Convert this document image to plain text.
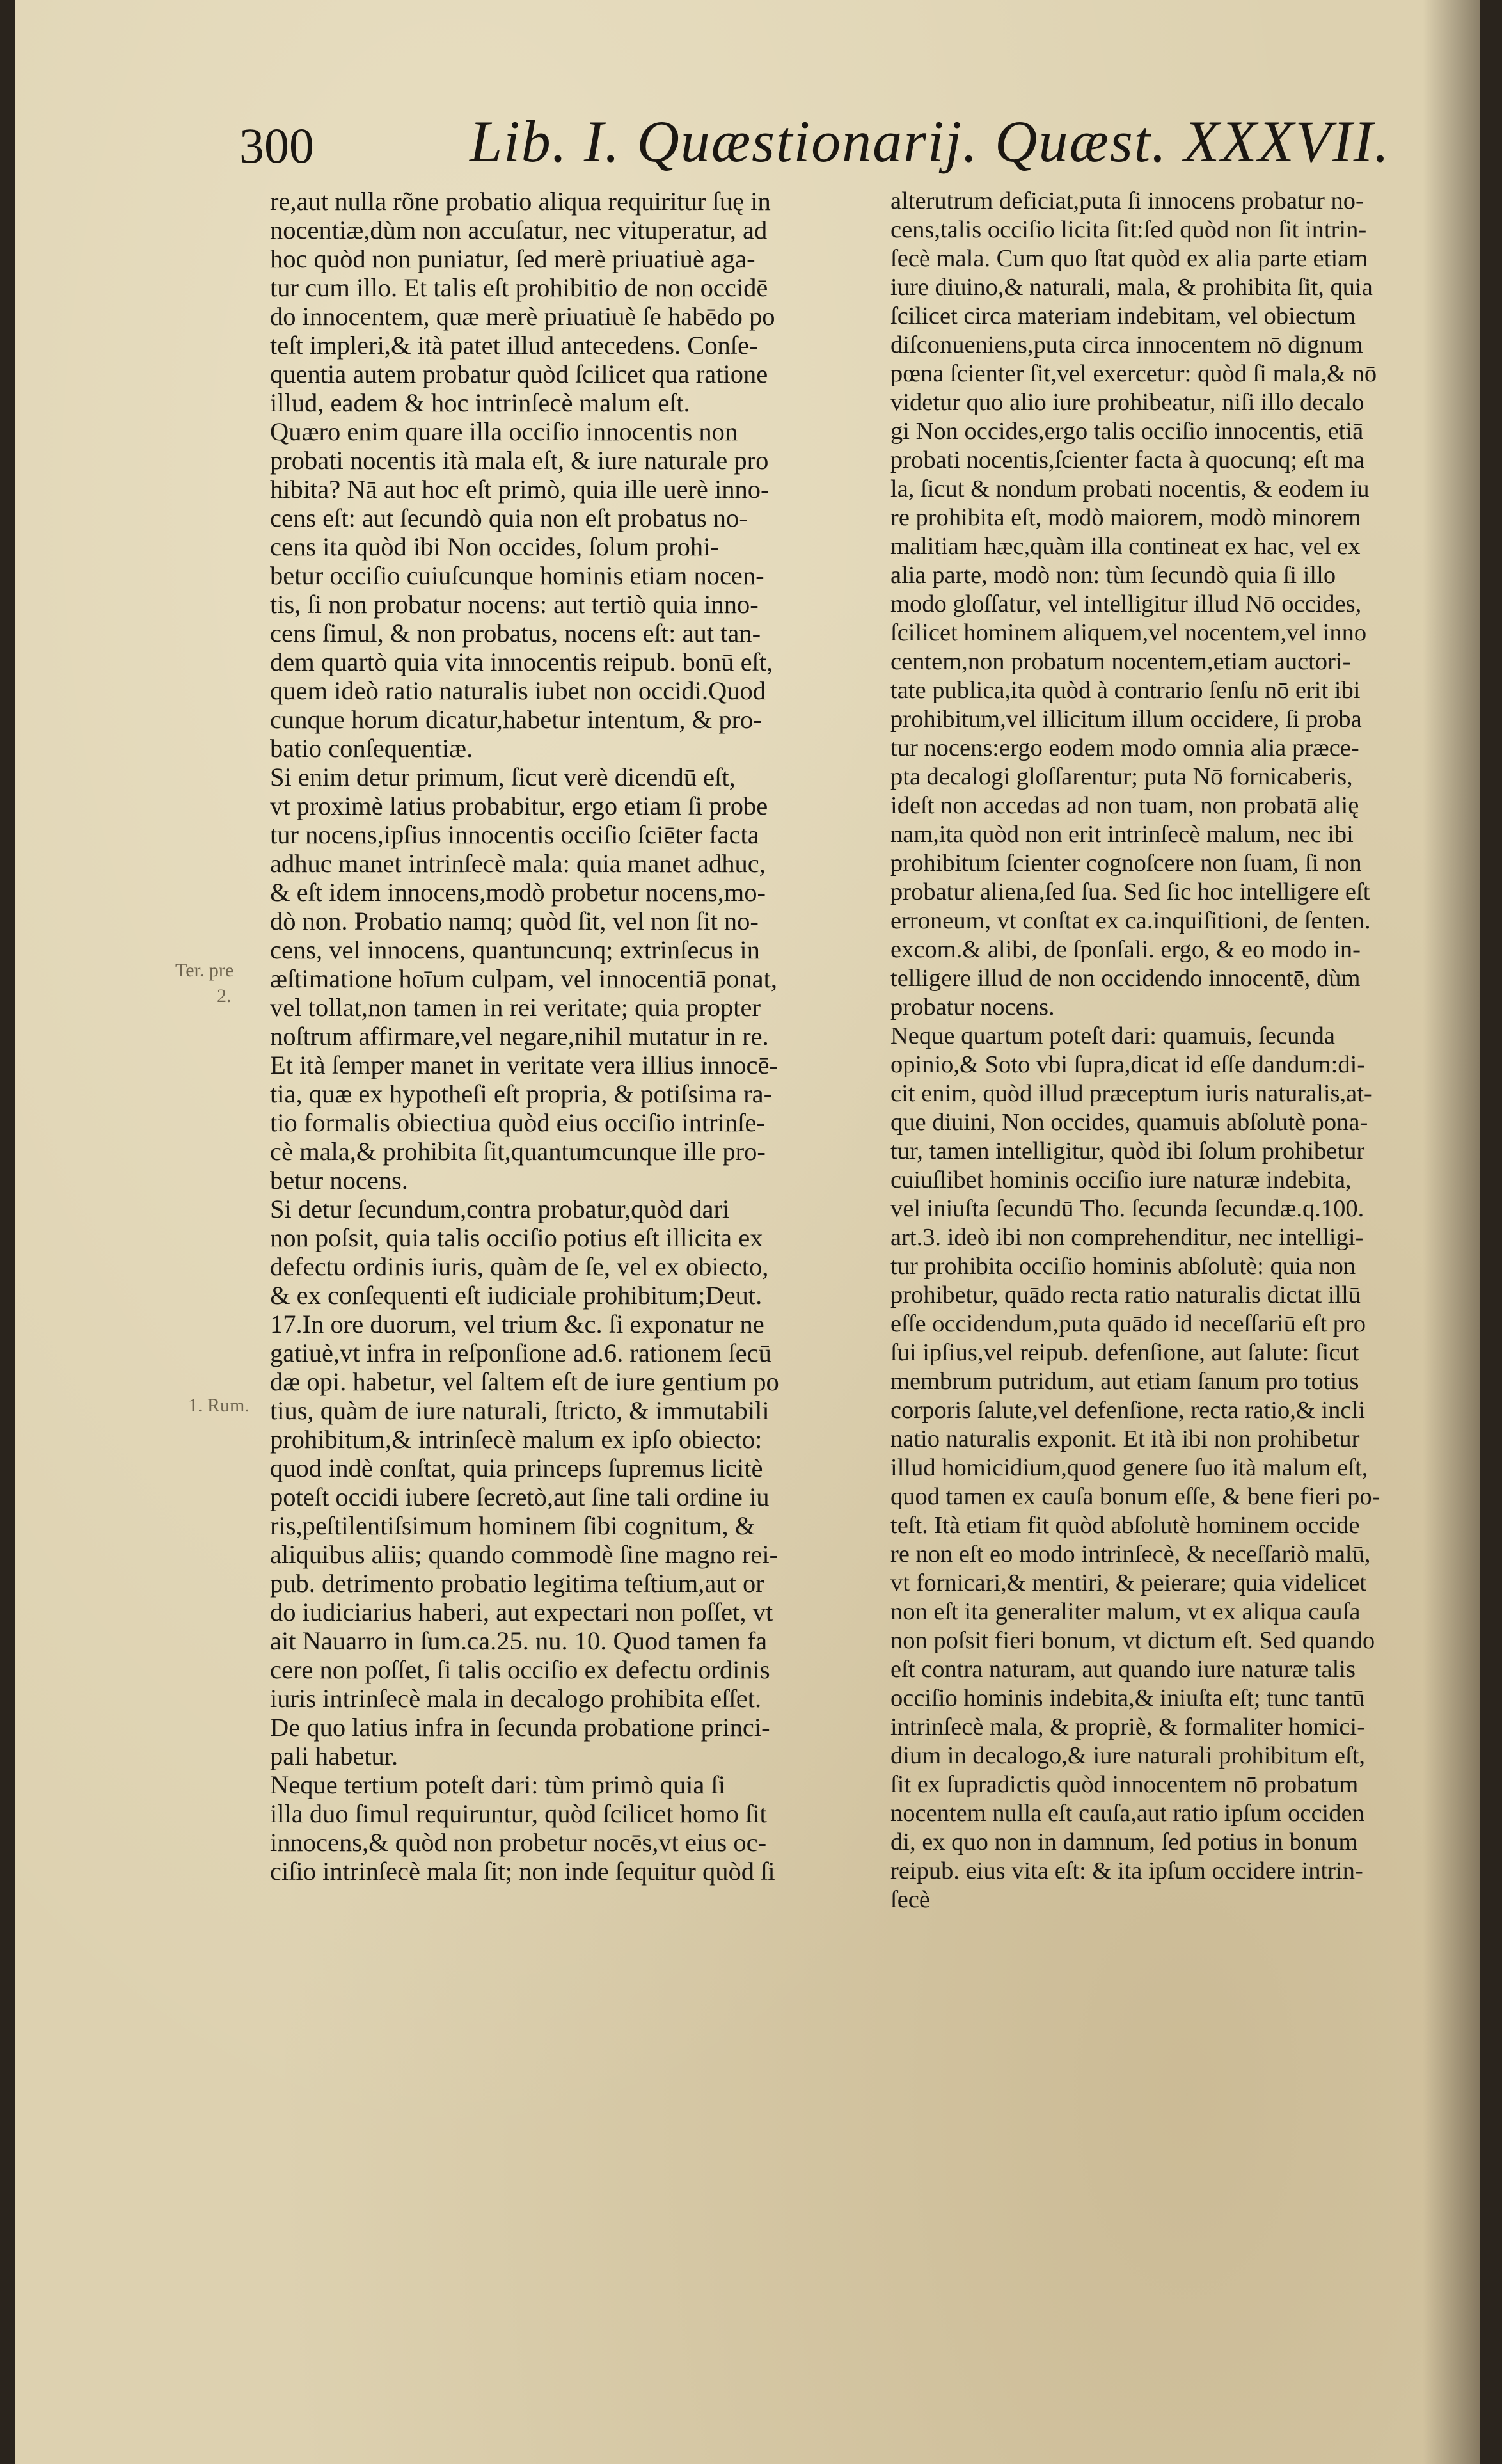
300	Lib. I. Quæstionarij. Quæst. XXXVII.
re,aut nulla rõne probatio aliqua requiritur ſuę in
nocentiæ,dùm non accuſatur, nec vituperatur, ad
hoc quòd non puniatur, ſed merè priuatiuè aga-
tur cum illo. Et talis eſt prohibitio de non occidē
do innocentem, quæ merè priuatiuè ſe habēdo po
teſt impleri,& ità patet illud antecedens. Conſe-
quentia autem probatur quòd ſcilicet qua ratione
illud, eadem & hoc intrinſecè malum eſt.
Quæro enim quare illa occiſio innocentis non
probati nocentis ità mala eſt, & iure naturale pro
hibita? Nā aut hoc eſt primò, quia ille uerè inno-
cens eſt: aut ſecundò quia non eſt probatus no-
cens ita quòd ibi Non occides, ſolum prohi-
betur occiſio cuiuſcunque hominis etiam nocen-
tis, ſi non probatur nocens: aut tertiò quia inno-
cens ſimul, & non probatus, nocens eſt: aut tan-
dem quartò quia vita innocentis reipub. bonū eſt,
quem ideò ratio naturalis iubet non occidi.Quod
cunque horum dicatur,habetur intentum, & pro-
batio conſequentiæ.
Si enim detur primum, ſicut verè dicendū eſt,
vt proximè latius probabitur, ergo etiam ſi probe
tur nocens,ipſius innocentis occiſio ſciēter facta
adhuc manet intrinſecè mala: quia manet adhuc,
& eſt idem innocens,modò probetur nocens,mo-
dò non. Probatio namq; quòd ſit, vel non ſit no-
cens, vel innocens, quantuncunq; extrinſecus in
æſtimatione hoīum culpam, vel innocentiā ponat,
vel tollat,non tamen in rei veritate; quia propter
noſtrum affirmare,vel negare,nihil mutatur in re.
Et ità ſemper manet in veritate vera illius innocē-
tia, quæ ex hypotheſi eſt propria, & potiſsima ra-
tio formalis obiectiua quòd eius occiſio intrinſe-
cè mala,& prohibita ſit,quantumcunque ille pro-
betur nocens.
Si detur ſecundum,contra probatur,quòd dari
non poſsit, quia talis occiſio potius eſt illicita ex
defectu ordinis iuris, quàm de ſe, vel ex obiecto,
& ex conſequenti eſt iudiciale prohibitum;Deut.
17.In ore duorum, vel trium &c. ſi exponatur ne
gatiuè,vt infra in reſponſione ad.6. rationem ſecū
dæ opi. habetur, vel ſaltem eſt de iure gentium po
tius, quàm de iure naturali, ſtricto, & immutabili
prohibitum,& intrinſecè malum ex ipſo obiecto:
quod indè conſtat, quia princeps ſupremus licitè
poteſt occidi iubere ſecretò,aut ſine tali ordine iu
ris,peſtilentiſsimum hominem ſibi cognitum, &
aliquibus aliis; quando commodè ſine magno rei-
pub. detrimento probatio legitima teſtium,aut or
do iudiciarius haberi, aut expectari non poſſet, vt
ait Nauarro in ſum.ca.25. nu. 10. Quod tamen fa
cere non poſſet, ſi talis occiſio ex defectu ordinis
iuris intrinſecè mala in decalogo prohibita eſſet.
De quo latius infra in ſecunda probatione princi-
pali habetur.
Neque tertium poteſt dari: tùm primò quia ſi
illa duo ſimul requiruntur, quòd ſcilicet homo ſit
innocens,& quòd non probetur nocēs,vt eius oc-
ciſio intrinſecè mala ſit; non inde ſequitur quòd ſi
alterutrum deficiat,puta ſi innocens probatur no-
cens,talis occiſio licita ſit:ſed quòd non ſit intrin-
ſecè mala. Cum quo ſtat quòd ex alia parte etiam
iure diuino,& naturali, mala, & prohibita ſit, quia
ſcilicet circa materiam indebitam, vel obiectum
diſconueniens,puta circa innocentem nō dignum
pœna ſcienter ſit,vel exercetur: quòd ſi mala,& nō
videtur quo alio iure prohibeatur, niſi illo decalo
gi Non occides,ergo talis occiſio innocentis, etiā
probati nocentis,ſcienter facta à quocunq; eſt ma
la, ſicut & nondum probati nocentis, & eodem iu
re prohibita eſt, modò maiorem, modò minorem
malitiam hæc,quàm illa contineat ex hac, vel ex
alia parte, modò non: tùm ſecundò quia ſi illo
modo gloſſatur, vel intelligitur illud Nō occides,
ſcilicet hominem aliquem,vel nocentem,vel inno
centem,non probatum nocentem,etiam auctori-
tate publica,ita quòd à contrario ſenſu nō erit ibi
prohibitum,vel illicitum illum occidere, ſi proba
tur nocens:ergo eodem modo omnia alia præce-
pta decalogi gloſſarentur; puta Nō fornicaberis,
ideſt non accedas ad non tuam, non probatā alię
nam,ita quòd non erit intrinſecè malum, nec ibi
prohibitum ſcienter cognoſcere non ſuam, ſi non
probatur aliena,ſed ſua. Sed ſic hoc intelligere eſt
erroneum, vt conſtat ex ca.inquiſitioni, de ſenten.
excom.& alibi, de ſponſali. ergo, & eo modo in-
telligere illud de non occidendo innocentē, dùm
probatur nocens.
Neque quartum poteſt dari: quamuis, ſecunda
opinio,& Soto vbi ſupra,dicat id eſſe dandum:di-
cit enim, quòd illud præceptum iuris naturalis,at-
que diuini, Non occides, quamuis abſolutè pona-
tur, tamen intelligitur, quòd ibi ſolum prohibetur
cuiuſlibet hominis occiſio iure naturæ indebita,
vel iniuſta ſecundū Tho. ſecunda ſecundæ.q.100.
art.3. ideò ibi non comprehenditur, nec intelligi-
tur prohibita occiſio hominis abſolutè: quia non
prohibetur, quādo recta ratio naturalis dictat illū
eſſe occidendum,puta quādo id neceſſariū eſt pro
ſui ipſius,vel reipub. defenſione, aut ſalute: ſicut
membrum putridum, aut etiam ſanum pro totius
corporis ſalute,vel defenſione, recta ratio,& incli
natio naturalis exponit. Et ità ibi non prohibetur
illud homicidium,quod genere ſuo ità malum eſt,
quod tamen ex cauſa bonum eſſe, & bene fieri po-
teſt. Ità etiam fit quòd abſolutè hominem occide
re non eſt eo modo intrinſecè, & neceſſariò malū,
vt fornicari,& mentiri, & peierare; quia videlicet
non eſt ita generaliter malum, vt ex aliqua cauſa
non poſsit fieri bonum, vt dictum eſt. Sed quando
eſt contra naturam, aut quando iure naturæ talis
occiſio hominis indebita,& iniuſta eſt; tunc tantū
intrinſecè mala, & propriè, & formaliter homici-
dium in decalogo,& iure naturali prohibitum eſt,
ſit ex ſupradictis quòd innocentem nō probatum
nocentem nulla eſt cauſa,aut ratio ipſum occiden
di, ex quo non in damnum, ſed potius in bonum
reipub. eius vita eſt: & ita ipſum occidere intrin-
ſecè
Ter. pre
2.
1. Rum.
